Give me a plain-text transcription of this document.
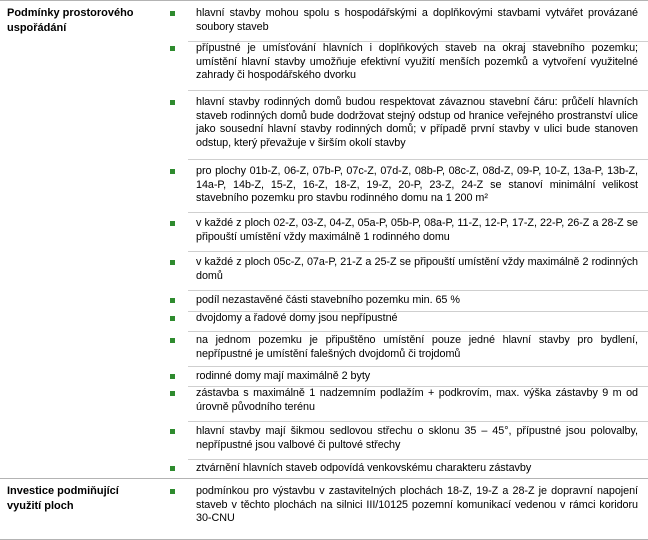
Podmínky prostorového uspořádání
hlavní stavby mohou spolu s hospodářskými a doplňkovými stavbami vytvářet provázané soubory staveb
přípustné je umísťování hlavních i doplňkových staveb na okraj stavebního pozemku; umístění hlavní stavby umožňuje efektivní využití menších pozemků a vytvoření využitelné zahrady či hospodářského dvorku
hlavní stavby rodinných domů budou respektovat závaznou stavební čáru: průčelí hlavních staveb rodinných domů bude dodržovat stejný odstup od hranice veřejného prostranství ulice jako sousední hlavní stavby rodinných domů; v případě první stavby v ulici bude stanoven odstup, který převažuje v širším okolí stavby
pro plochy 01b-Z, 06-Z, 07b-P, 07c-Z, 07d-Z, 08b-P, 08c-Z, 08d-Z, 09-P, 10-Z, 13a-P, 13b-Z, 14a-P, 14b-Z, 15-Z, 16-Z, 18-Z, 19-Z, 20-P, 23-Z, 24-Z se stanoví minimální velikost stavebního pozemku pro stavbu rodinného domu na 1 200 m²
v každé z ploch 02-Z, 03-Z, 04-Z, 05a-P, 05b-P, 08a-P, 11-Z, 12-P, 17-Z, 22-P, 26-Z a 28-Z se připouští umístění vždy maximálně 1 rodinného domu
v každé z ploch 05c-Z, 07a-P, 21-Z a 25-Z se připouští umístění vždy maximálně 2 rodinných domů
podíl nezastavěné části stavebního pozemku min. 65 %
dvojdomy a řadové domy jsou nepřípustné
na jednom pozemku je připuštěno umístění pouze jedné hlavní stavby pro bydlení, nepřípustné je umístění falešných dvojdomů či trojdomů
rodinné domy mají maximálně 2 byty
zástavba s maximálně 1 nadzemním podlažím + podkrovím, max. výška zástavby 9 m od úrovně původního terénu
hlavní stavby mají šikmou sedlovou střechu o sklonu 35 – 45°, přípustné jsou polovalby, nepřípustné jsou valbové či pultové střechy
ztvárnění hlavních staveb odpovídá venkovskému charakteru zástavby
Investice podmiňující využití ploch
podmínkou pro výstavbu v zastavitelných plochách 18-Z, 19-Z a 28-Z je dopravní napojení staveb v těchto plochách na silnici III/10125 pozemní komunikací vedenou v rámci koridoru 30-CNU
